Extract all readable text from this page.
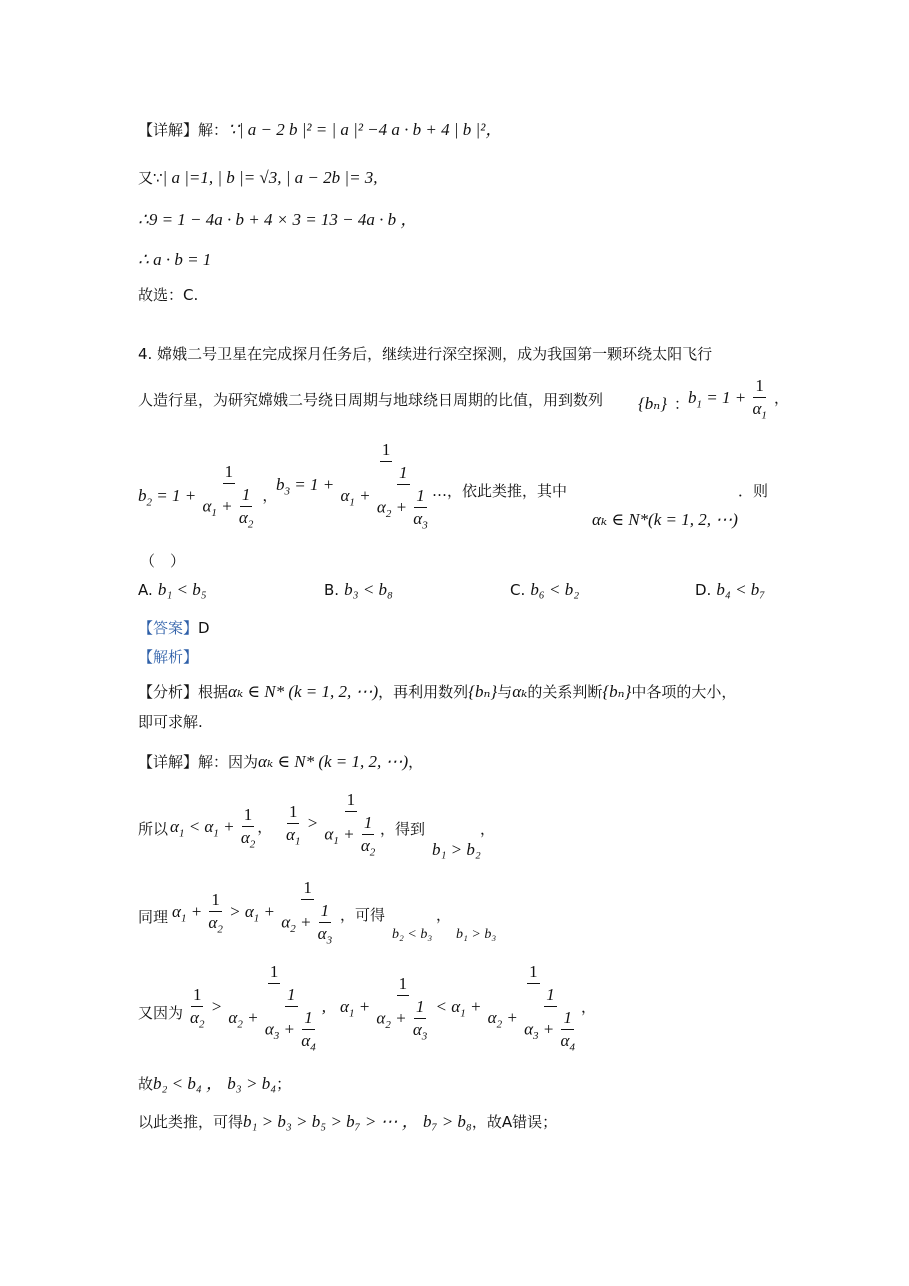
【详解】解：∵| a − 2 b |² = | a |² −4 a · b + 4 | b |²，
又∵| a |=1, | b |= √3, | a − 2b |= 3,
∴9 = 1 − 4a · b + 4 × 3 = 13 − 4a · b ，
∴ a · b = 1
故选：C.
4. 嫦娥二号卫星在完成探月任务后，继续进行深空探测，成为我国第一颗环绕太阳飞行
人造行星，为研究嫦娥二号绕日周期与地球绕日周期的比值，用到数列 {bₙ} ：
$b_1 = 1 + \frac{1}{\alpha_1}$ ，
$b_2 = 1 + \frac{1}{\alpha_1 + \frac{1}{\alpha_2}}$ ，
$b_3 = 1 + \frac{1}{\alpha_1 + \frac{1}{\alpha_2 + \frac{1}{\alpha_3}}}$
…，依此类推，其中
αₖ ∈ N*(k = 1, 2, ⋯)
．则
（　）
A. b₁ < b₅	B. b₃ < b₈	C. b₆ < b₂	D. b₄ < b₇
【答案】D
【解析】
【分析】根据αₖ ∈ N* (k = 1, 2, ⋯)，再利用数列{bₙ}与αₖ的关系判断{bₙ}中各项的大小，
即可求解.
【详解】解：因为αₖ ∈ N* (k = 1, 2, ⋯)，
所以 $\alpha_1 < \alpha_1 + \frac{1}{\alpha_2}$ ， $\frac{1}{\alpha_1} > \frac{1}{\alpha_1 + \frac{1}{\alpha_2}}$ ，得到	，
b₁ > b₂
同理 $\alpha_1 + \frac{1}{\alpha_2} > \alpha_1 + \frac{1}{\alpha_2 + \frac{1}{\alpha_3}}$ ，可得	，
b₂ < b₃ b₁ > b₃
又因为 $\frac{1}{\alpha_2} > \frac{1}{\alpha_2 + \frac{1}{\alpha_3 + \frac{1}{\alpha_4}}}$ , $\alpha_1 + \frac{1}{\alpha_2 + \frac{1}{\alpha_3}} < \alpha_1 + \frac{1}{\alpha_2 + \frac{1}{\alpha_3 + \frac{1}{\alpha_4}}}$ ，
故b₂ < b₄ ， b₃ > b₄；
以此类推，可得b₁ > b₃ > b₅ > b₇ > ⋯ ， b₇ > b₈，故A错误；
